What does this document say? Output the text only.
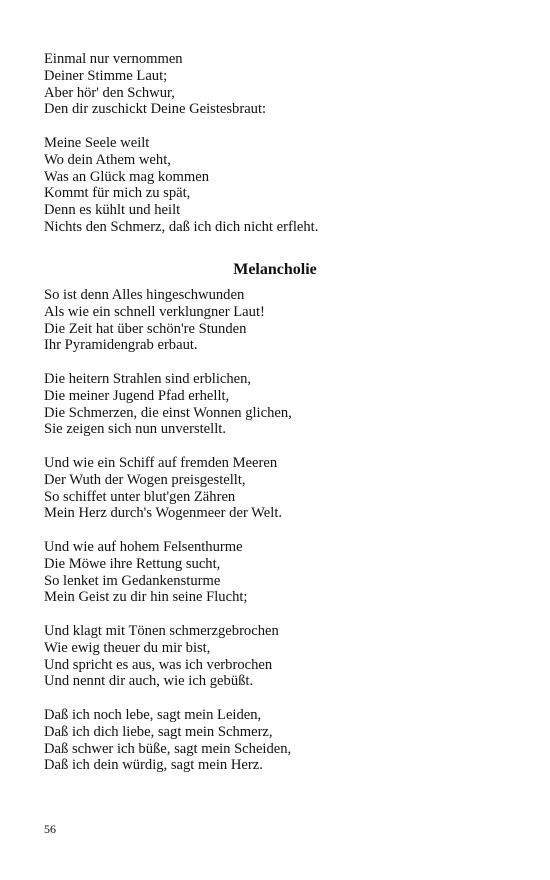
Einmal nur vernommen
Deiner Stimme Laut;
Aber hör' den Schwur,
Den dir zuschickt Deine Geistesbraut:
Meine Seele weilt
Wo dein Athem weht,
Was an Glück mag kommen
Kommt für mich zu spät,
Denn es kühlt und heilt
Nichts den Schmerz, daß ich dich nicht erfleht.
Melancholie
So ist denn Alles hingeschwunden
Als wie ein schnell verklungner Laut!
Die Zeit hat über schön're Stunden
Ihr Pyramidengrab erbaut.
Die heitern Strahlen sind erblichen,
Die meiner Jugend Pfad erhellt,
Die Schmerzen, die einst Wonnen glichen,
Sie zeigen sich nun unverstellt.
Und wie ein Schiff auf fremden Meeren
Der Wuth der Wogen preisgestellt,
So schiffet unter blut'gen Zähren
Mein Herz durch's Wogenmeer der Welt.
Und wie auf hohem Felsenthurme
Die Möwe ihre Rettung sucht,
So lenket im Gedankensturme
Mein Geist zu dir hin seine Flucht;
Und klagt mit Tönen schmerzgebrochen
Wie ewig theuer du mir bist,
Und spricht es aus, was ich verbrochen
Und nennt dir auch, wie ich gebüßt.
Daß ich noch lebe, sagt mein Leiden,
Daß ich dich liebe, sagt mein Schmerz,
Daß schwer ich büße, sagt mein Scheiden,
Daß ich dein würdig, sagt mein Herz.
56
